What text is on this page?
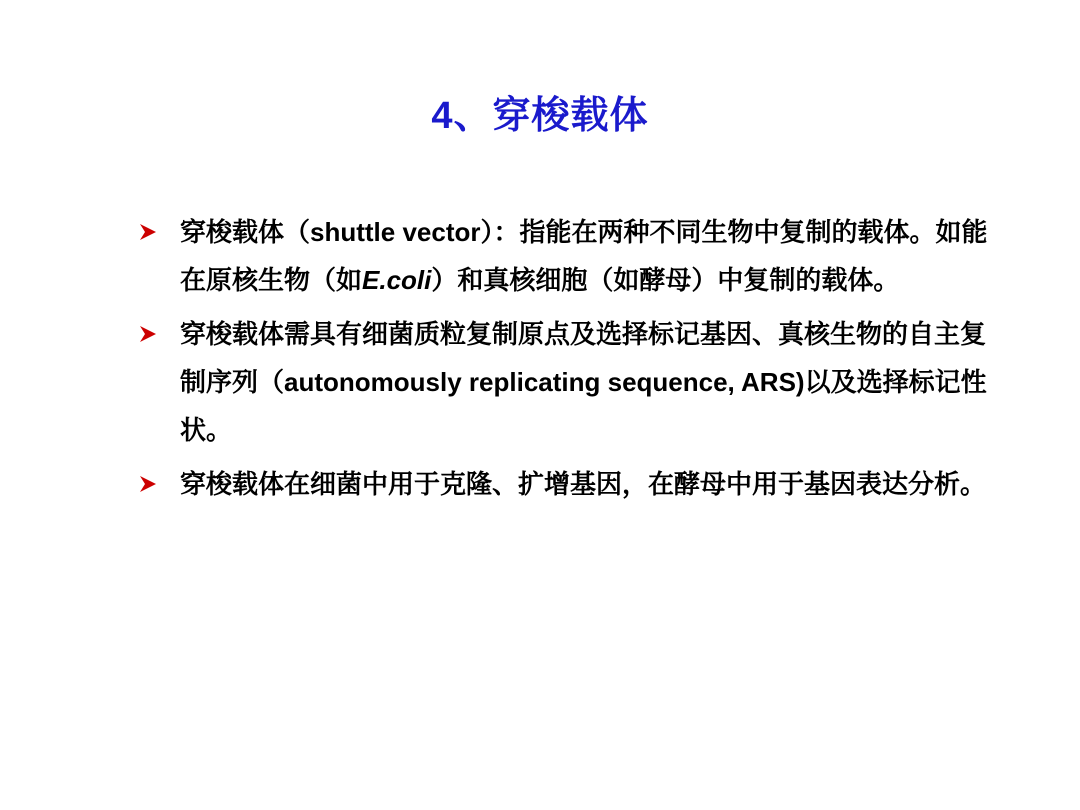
4、穿梭载体
穿梭载体（shuttle vector）：指能在两种不同生物中复制的载体。如能在原核生物（如E.coli）和真核细胞（如酵母）中复制的载体。
穿梭载体需具有细菌质粒复制原点及选择标记基因、真核生物的自主复制序列（autonomously replicating sequence, ARS)以及选择标记性状。
穿梭载体在细菌中用于克隆、扩增基因，在酵母中用于基因表达分析。
